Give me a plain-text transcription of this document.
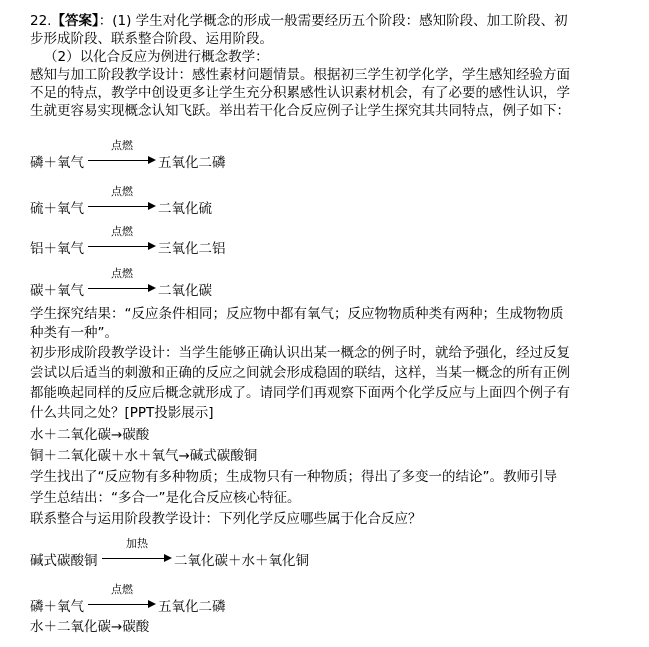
22.【答案】：(1) 学生对化学概念的形成一般需要经历五个阶段：感知阶段、加工阶段、初
步形成阶段、联系整合阶段、运用阶段。
（2）以化合反应为例进行概念教学：
感知与加工阶段教学设计：感性素材问题情景。根据初三学生初学化学，学生感知经验方面
不足的特点，教学中创设更多让学生充分积累感性认识素材机会，有了必要的感性认识，学
生就更容易实现概念认知飞跃。举出若干化合反应例子让学生探究其共同特点，例子如下：
磷＋氧气
点燃
五氧化二磷
硫＋氧气
点燃
二氧化硫
铝＋氧气
点燃
三氧化二铝
碳＋氧气
点燃
二氧化碳
学生探究结果：“反应条件相同；反应物中都有氧气；反应物物质种类有两种；生成物物质
种类有一种”。
初步形成阶段教学设计：当学生能够正确认识出某一概念的例子时，就给予强化，经过反复
尝试以后适当的刺激和正确的反应之间就会形成稳固的联结，这样，当某一概念的所有正例
都能唤起同样的反应后概念就形成了。请同学们再观察下面两个化学反应与上面四个例子有
什么共同之处？[PPT投影展示]
水＋二氧化碳→碳酸
铜＋二氧化碳＋水＋氧气→碱式碳酸铜
学生找出了“反应物有多种物质；生成物只有一种物质；得出了多变一的结论”。教师引导
学生总结出：“多合一”是化合反应核心特征。
联系整合与运用阶段教学设计：下列化学反应哪些属于化合反应？
碱式碳酸铜
加热
二氧化碳＋水＋氧化铜
磷＋氧气
点燃
五氧化二磷
水＋二氧化碳→碳酸
